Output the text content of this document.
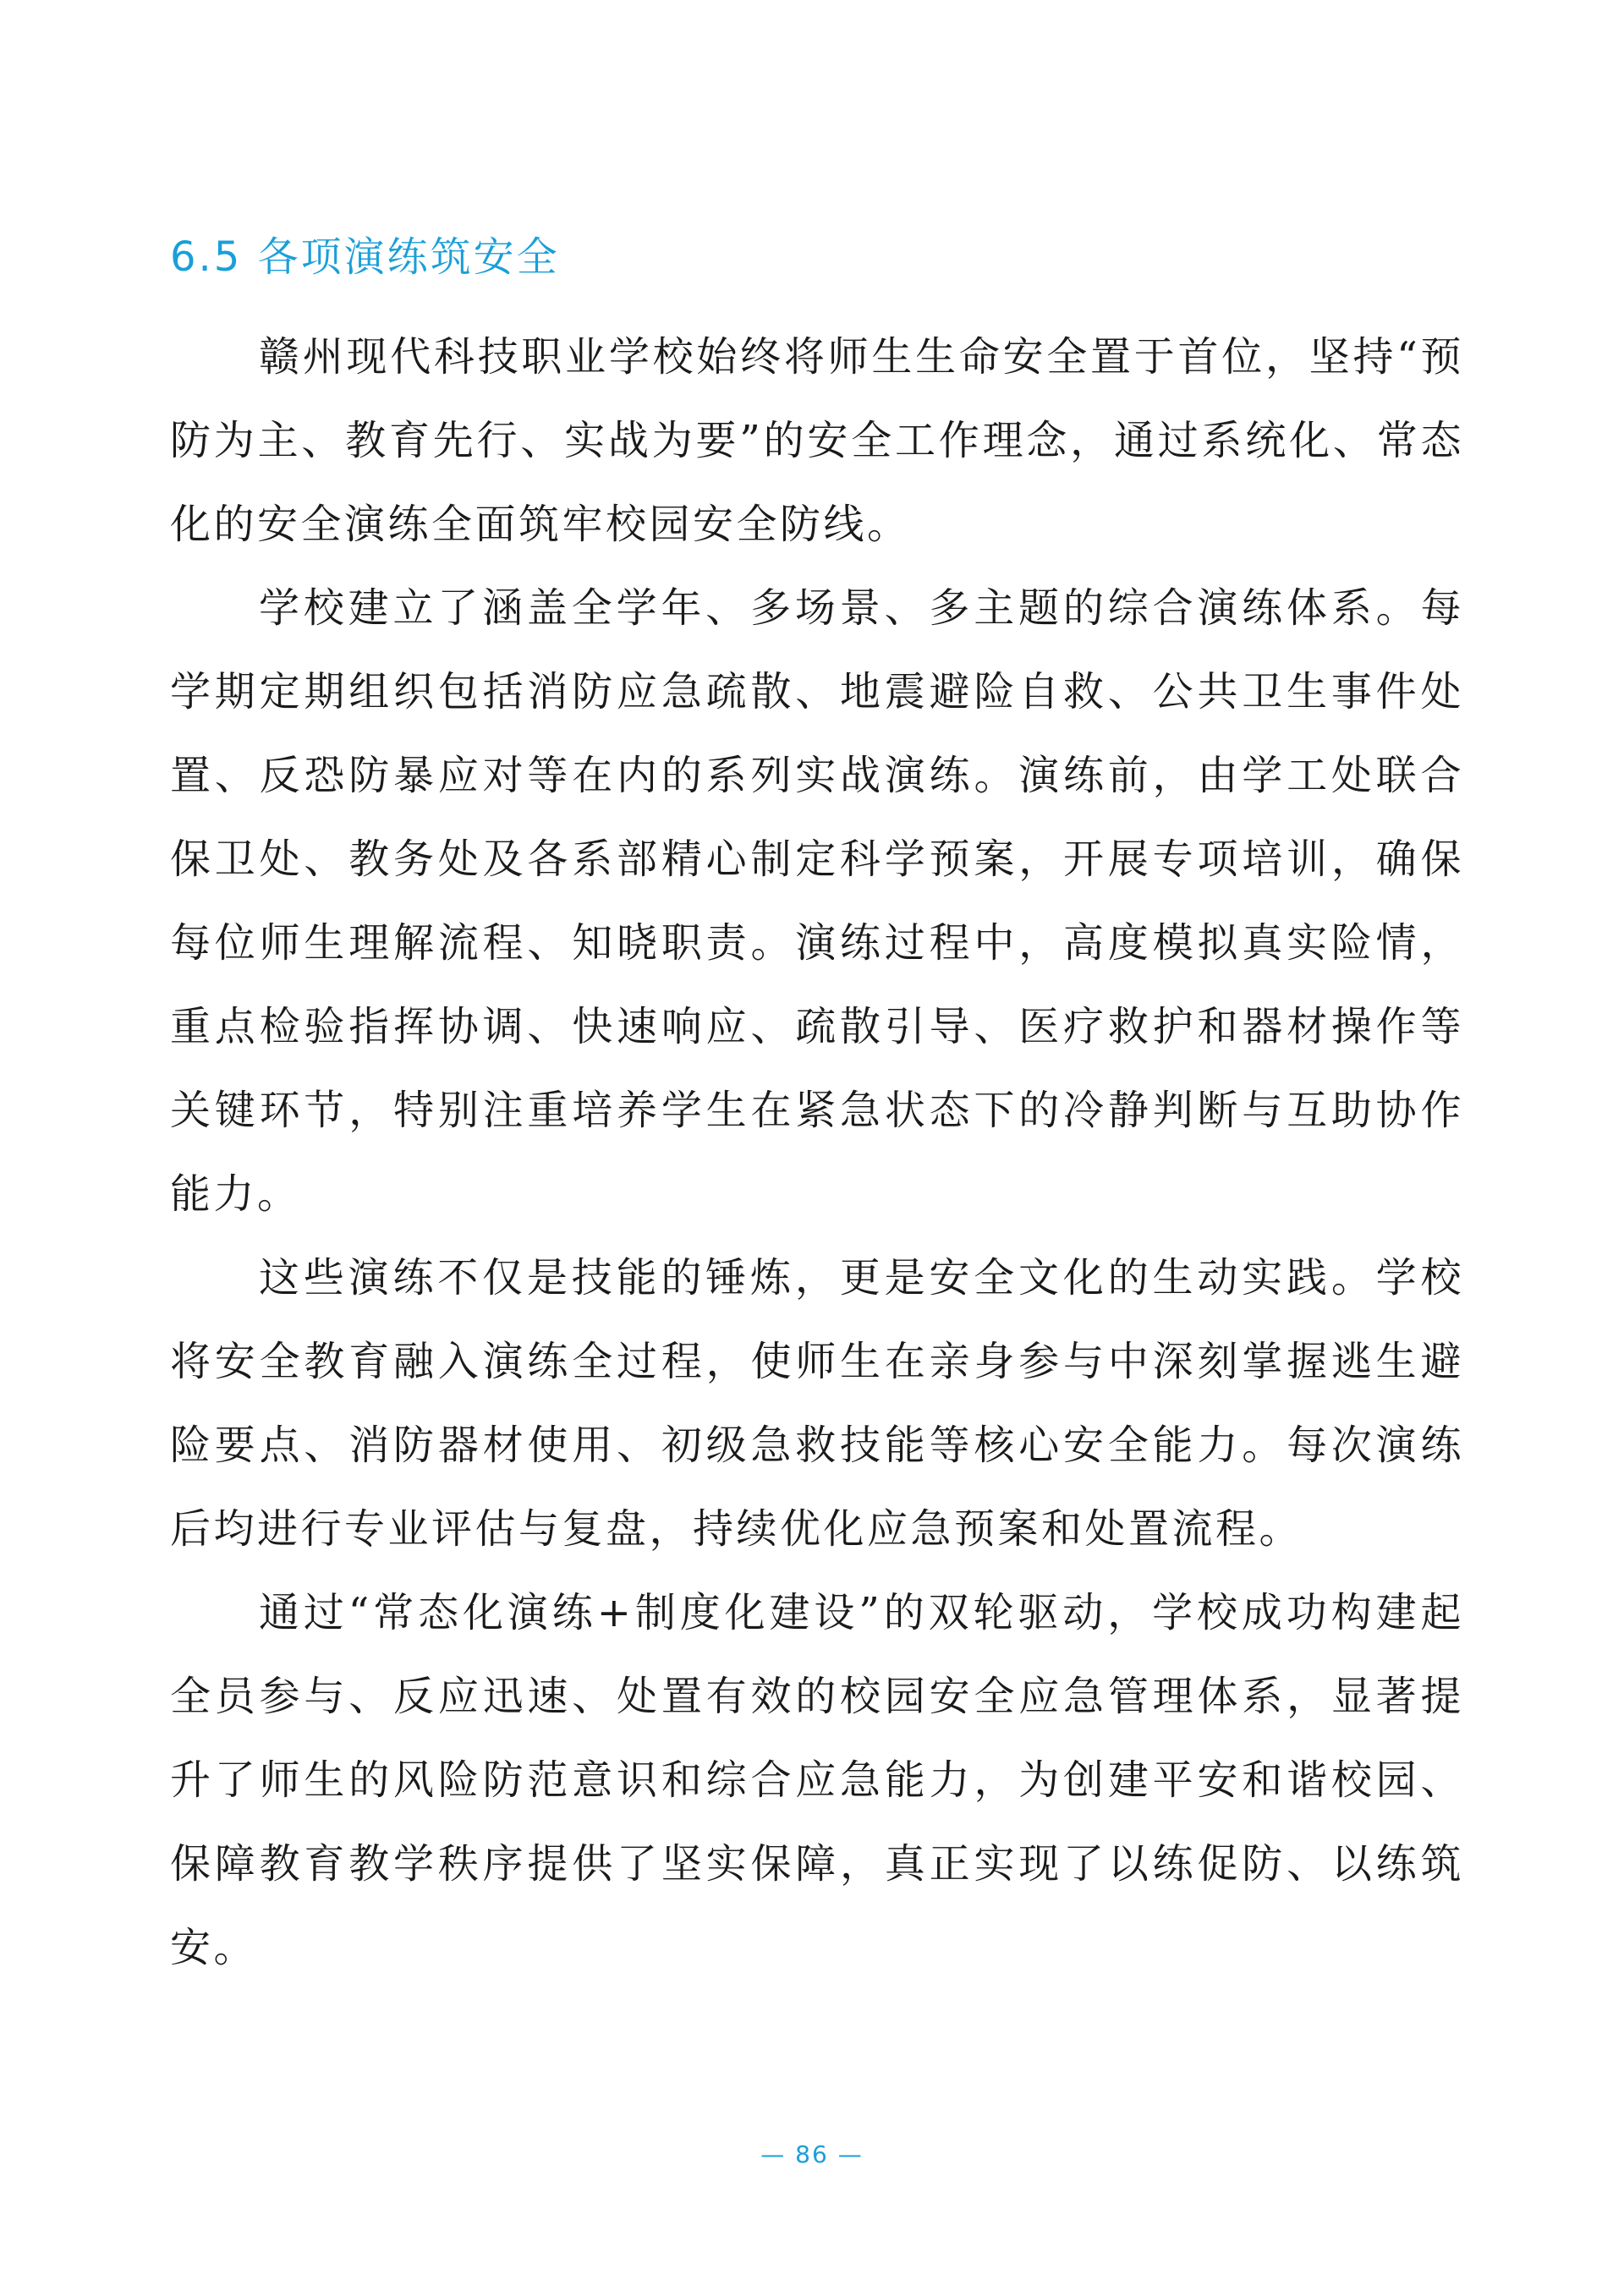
6.5 各项演练筑安全

赣州现代科技职业学校始终将师生生命安全置于首位，坚持“预防为主、教育先行、实战为要”的安全工作理念，通过系统化、常态化的安全演练全面筑牢校园安全防线。

学校建立了涵盖全学年、多场景、多主题的综合演练体系。每学期定期组织包括消防应急疏散、地震避险自救、公共卫生事件处置、反恐防暴应对等在内的系列实战演练。演练前，由学工处联合保卫处、教务处及各系部精心制定科学预案，开展专项培训，确保每位师生理解流程、知晓职责。演练过程中，高度模拟真实险情，重点检验指挥协调、快速响应、疏散引导、医疗救护和器材操作等关键环节，特别注重培养学生在紧急状态下的冷静判断与互助协作能力。

这些演练不仅是技能的锤炼，更是安全文化的生动实践。学校将安全教育融入演练全过程，使师生在亲身参与中深刻掌握逃生避险要点、消防器材使用、初级急救技能等核心安全能力。每次演练后均进行专业评估与复盘，持续优化应急预案和处置流程。

通过“常态化演练+制度化建设”的双轮驱动，学校成功构建起全员参与、反应迅速、处置有效的校园安全应急管理体系，显著提升了师生的风险防范意识和综合应急能力，为创建平安和谐校园、保障教育教学秩序提供了坚实保障，真正实现了以练促防、以练筑安。

— 86 —
